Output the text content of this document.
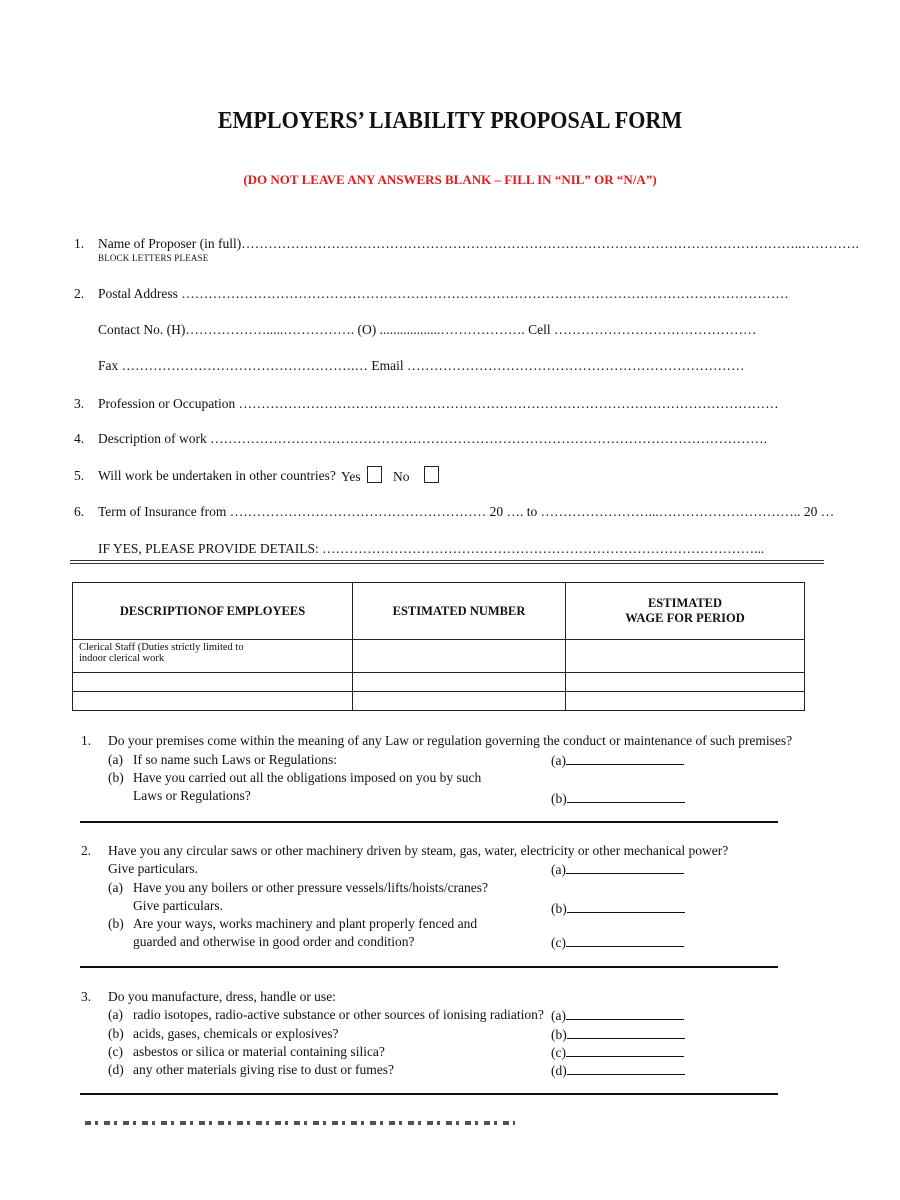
EMPLOYERS’ LIABILITY PROPOSAL FORM
(DO NOT LEAVE ANY ANSWERS BLANK – FILL IN “NIL” OR “N/A”)
1. Name of Proposer (in full)……………………………………………………………………………………………………………..………….
BLOCK LETTERS PLEASE
2. Postal Address ………………………………………………………………………………………………………………………
Contact No. (H)……………….....……………. (O) ..................………………. Cell ………………………………………
Fax …………………………………………….… Email …………………………………………………………………
3. Profession or Occupation …………………………………………………………………………………………………………
4. Description of work …………………………………………………………………………………………………………….
5. Will work be undertaken in other countries? Yes	No
6. Term of Insurance from ………………………………………………… 20 …. to ……………………...………………………….. 20 …
IF YES, PLEASE PROVIDE DETAILS: ……………………………………………………………………………………...
DESCRIPTIONOF EMPLOYEES	ESTIMATED NUMBER	ESTIMATED
WAGE FOR PERIOD

Clerical Staff (Duties strictly limited to
indoor clerical work		

1. Do your premises come within the meaning of any Law or regulation governing the conduct or maintenance of such premises?
(a) If so name such Laws or Regulations:
(b) Have you carried out all the obligations imposed on you by such
Laws or Regulations?
(a)
(b)
2. Have you any circular saws or other machinery driven by steam, gas, water, electricity or other mechanical power?
Give particulars.
(a) Have you any boilers or other pressure vessels/lifts/hoists/cranes?
Give particulars.
(b) Are your ways, works machinery and plant properly fenced and
guarded and otherwise in good order and condition?
(a)
(b)
(c)
3. Do you manufacture, dress, handle or use:
(a) radio isotopes, radio-active substance or other sources of ionising radiation?
(b) acids, gases, chemicals or explosives?
(c) asbestos or silica or material containing silica?
(d) any other materials giving rise to dust or fumes?
(a)
(b)
(c)
(d)
